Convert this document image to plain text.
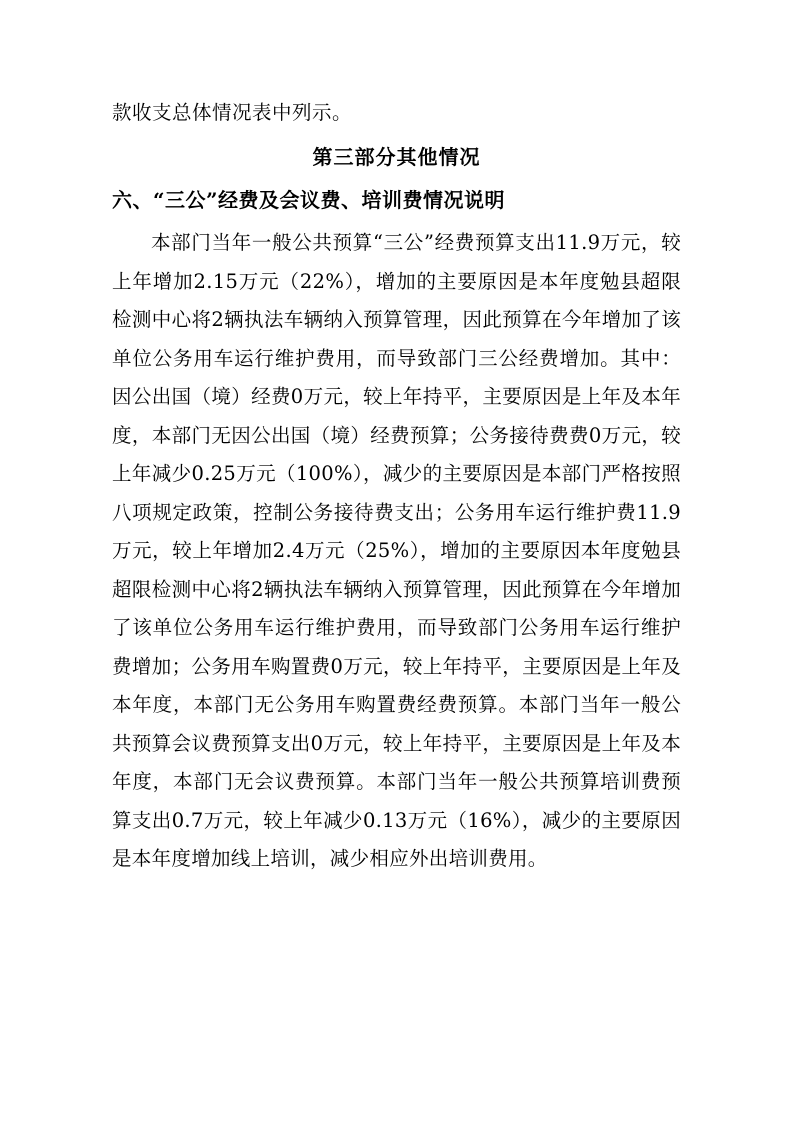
款收支总体情况表中列示。

第三部分其他情况
六、“三公”经费及会议费、培训费情况说明

本部门当年一般公共预算“三公”经费预算支出11.9万元，较上年增加2.15万元（22%），增加的主要原因是本年度勉县超限检测中心将2辆执法车辆纳入预算管理，因此预算在今年增加了该单位公务用车运行维护费用，而导致部门三公经费增加。其中：因公出国（境）经费0万元，较上年持平，主要原因是上年及本年度，本部门无因公出国（境）经费预算；公务接待费费0万元，较上年减少0.25万元（100%），减少的主要原因是本部门严格按照八项规定政策，控制公务接待费支出；公务用车运行维护费11.9万元，较上年增加2.4万元（25%），增加的主要原因本年度勉县超限检测中心将2辆执法车辆纳入预算管理，因此预算在今年增加了该单位公务用车运行维护费用，而导致部门公务用车运行维护费增加；公务用车购置费0万元，较上年持平，主要原因是上年及本年度，本部门无公务用车购置费经费预算。本部门当年一般公共预算会议费预算支出0万元，较上年持平，主要原因是上年及本年度，本部门无会议费预算。本部门当年一般公共预算培训费预算支出0.7万元，较上年减少0.13万元（16%），减少的主要原因是本年度增加线上培训，减少相应外出培训费用。
